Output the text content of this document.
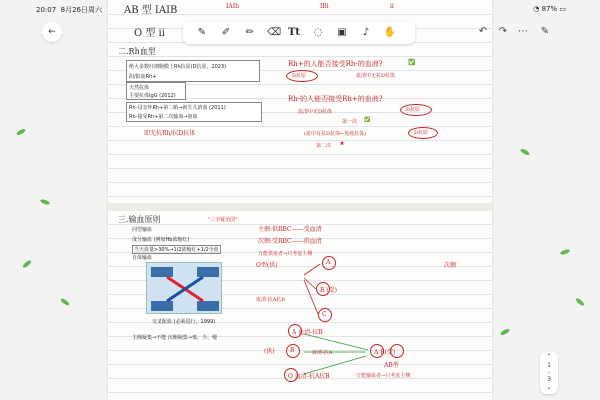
20:07 8月26日周六	◔ 87% ▭
AB 型 IAIB	IAIb	IBi	ii
O 型 ii
二.Rh血型
绝大多数红细胞膜上Rh抗原(D抗原，2023)
阴/阳血Rh+
天然抗体
主要抗体IgG (2012)
Rh-母亲怀Rh+第二胎→新生儿溶血 (2011)
Rh-接受Rh+第二次输血→溶血
即无抗Rh/抗D抗体
Rh+的人能否接受Rh-的血液?	✅
D抗原	血清中无抗D抗体
Rh-的人能否接受Rh+的血液?
血清中无D抗体	D抗原
第一次 ✅
(血中有抗D抗体←免疫抗体)	D抗原
第二次 ✖
三.输血原则	"三全疑治国"
同型输血
成分输血 (例如Hb浓缩红)
当天血量>30%→1/2浓缩红+1/2全血
自体输血
交叉配血 (必须进行，1999)
主侧凝集→不能 次侧凝集→慎、少、慢
主侧:供RBC——受血清
次侧:受RBC——供血清
万能供血者→只考虑主侧
O型(供)	次侧
A
B (受)
血清-抗A抗B
C
A 血清-抗B
(供)	B	血清-抗A	A B(受)
AB型
O 血清-抗A抗B	万能输血者→只考虑主侧
✎ ✐ ✏ ⌫ Tt ◌ ▣	♪	✋
←	↶ ↷ ⋯ ✎
⌃
1
-
3
⌄
